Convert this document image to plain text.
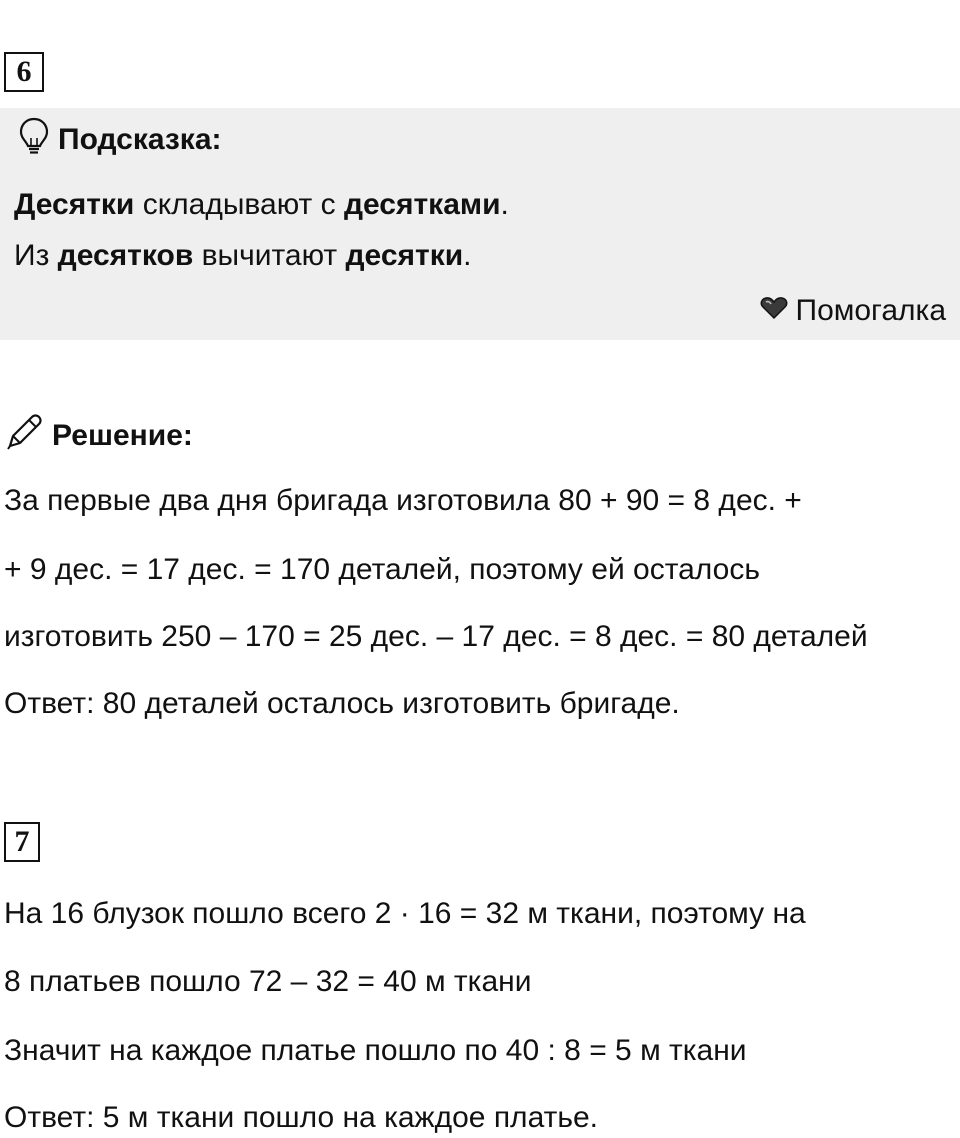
6
Подсказка:
Десятки складывают с десятками.
Из десятков вычитают десятки.
Помогалка
Решение:
За первые два дня бригада изготовила 80 + 90 = 8 дес. +
+ 9 дес. = 17 дес. = 170 деталей, поэтому ей осталось
изготовить 250 – 170 = 25 дес. – 17 дес. = 8 дес. = 80 деталей
Ответ: 80 деталей осталось изготовить бригаде.
7
На 16 блузок пошло всего 2 · 16 = 32 м ткани, поэтому на
8 платьев пошло 72 – 32 = 40 м ткани
Значит на каждое платье пошло по 40 : 8 = 5 м ткани
Ответ: 5 м ткани пошло на каждое платье.
